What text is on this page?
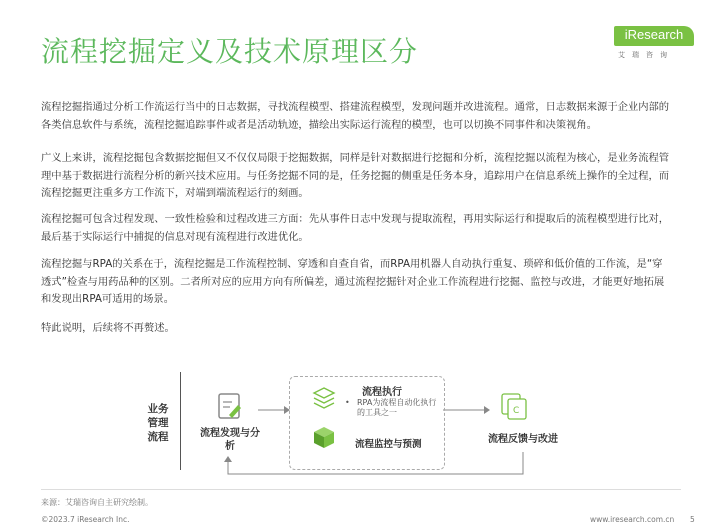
流程挖掘定义及技术原理区分
iResearch
艾瑞咨询
流程挖掘指通过分析工作流运行当中的日志数据，寻找流程模型、搭建流程模型，发现问题并改进流程。通常，日志数据来源于企业内部的各类信息软件与系统，流程挖掘追踪事件或者是活动轨迹，描绘出实际运行流程的模型，也可以切换不同事件和决策视角。
广义上来讲，流程挖掘包含数据挖掘但又不仅仅局限于挖掘数据，同样是针对数据进行挖掘和分析，流程挖掘以流程为核心，是业务流程管理中基于数据进行流程分析的新兴技术应用。与任务挖掘不同的是，任务挖掘的侧重是任务本身，追踪用户在信息系统上操作的全过程，而流程挖掘更注重多方工作流下，对端到端流程运行的刻画。
流程挖掘可包含过程发现、一致性检验和过程改进三方面：先从事件日志中发现与提取流程，再用实际运行和提取后的流程模型进行比对，最后基于实际运行中捕捉的信息对现有流程进行改进优化。
流程挖掘与RPA的关系在于，流程挖掘是工作流程控制、穿透和自查自省，而RPA用机器人自动执行重复、琐碎和低价值的工作流，是“穿透式”检查与用药品种的区别。二者所对应的应用方向有所偏差，通过流程挖掘针对企业工作流程进行挖掘、监控与改进，才能更好地拓展和发现出RPA可适用的场景。
特此说明，后续将不再赘述。
业务管理流程
C
流程发现与分析
流程执行
• RPA为流程自动化执行的工具之一
流程监控与预测	流程反馈与改进
来源：艾瑞咨询自主研究绘制。
©2023.7 iResearch Inc.	www.iresearch.com.cn 5
